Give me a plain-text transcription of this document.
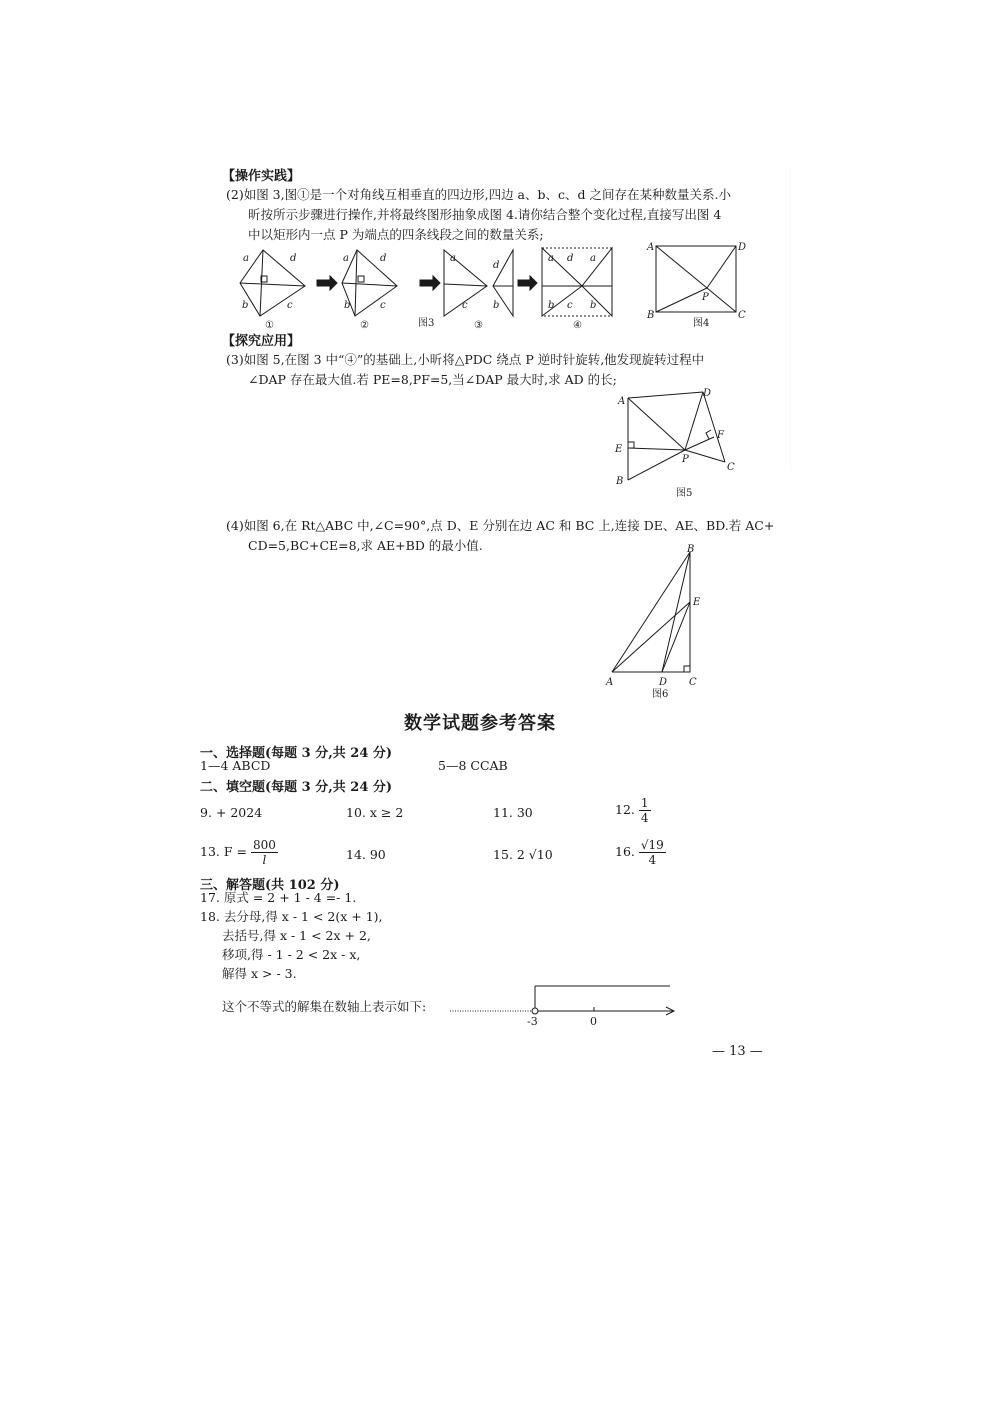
【操作实践】
(2)如图 3,图①是一个对角线互相垂直的四边形,四边 a、b、c、d 之间存在某种数量关系.小
昕按所示步骤进行操作,并将最终图形抽象成图 4.请你结合整个变化过程,直接写出图 4
中以矩形内一点 P 为端点的四条线段之间的数量关系;
a	d
b	c
a	d
b	c
a
c
d
b
a d a
b c b
A	D
B	C
P
①	②	③	④
图3	图4
【探究应用】
(3)如图 5,在图 3 中“④”的基础上,小昕将△PDC 绕点 P 逆时针旋转,他发现旋转过程中
∠DAP 存在最大值.若 PE=8,PF=5,当∠DAP 最大时,求 AD 的长;
A
D
E
F
P
B
C
图5
(4)如图 6,在 Rt△ABC 中,∠C=90°,点 D、E 分别在边 AC 和 BC 上,连接 DE、AE、BD.若 AC+
CD=5,BC+CE=8,求 AE+BD 的最小值.	B
E
A	D C
图6
数学试题参考答案
一、选择题(每题 3 分,共 24 分)
1—4 ABCD	5—8 CCAB
二、填空题(每题 3 分,共 24 分)
9. + 2024	10. x ≥ 2	11. 30	12. $\frac{1}{4}$
13. $F = \frac{800}{l}$	14. 90	15. 2 √10	16. $\frac{√19}{4}$
三、解答题(共 102 分)
17. 原式 = 2 + 1 - 4 =- 1.
18. 去分母,得 x - 1 < 2(x + 1),
去括号,得 x - 1 < 2x + 2,
移项,得 - 1 - 2 < 2x - x,
解得 x > - 3.
这个不等式的解集在数轴上表示如下:
-3	0
— 13 —
